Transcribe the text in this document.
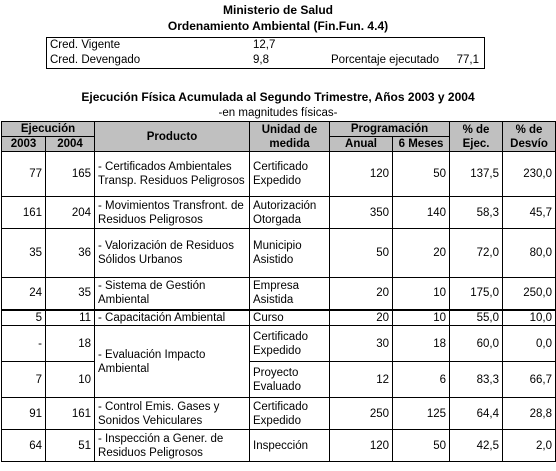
Ministerio de Salud
Ordenamiento Ambiental (Fin.Fun. 4.4)
Cred. Vigente	12,7
Cred. Devengado	9,8	Porcentaje ejecutado 77,1
Ejecución Física Acumulada al Segundo Trimestre, Años 2003 y 2004
-en magnitudes físicas-
Ejecución		Producto	Unidad de medida	Programación		% de Ejec.	% de Desvío
2003	2004			Anual	6 Meses		
77	165	- Certificados Ambientales Transp. Residuos Peligrosos	Certificado Expedido	120	50	137,5	230,0
161	204	- Movimientos Transfront. de Residuos Peligrosos	Autorización Otorgada	350	140	58,3	45,7
35	36	- Valorización de Residuos Sólidos Urbanos	Municipio Asistido	50	20	72,0	80,0
24	35	- Sistema de Gestión Ambiental	Empresa Asistida	20	10	175,0	250,0
5	11	- Capacitación Ambiental	Curso	20	10	55,0	10,0
-	18	- Evaluación Impacto Ambiental	Certificado Expedido	30	18	60,0	0,0
7	10		Proyecto Evaluado	12	6	83,3	66,7
91	161	- Control Emis. Gases y Sonidos Vehiculares	Certificado Expedido	250	125	64,4	28,8
64	51	- Inspección a Gener. de Residuos Peligrosos	Inspección	120	50	42,5	2,0
